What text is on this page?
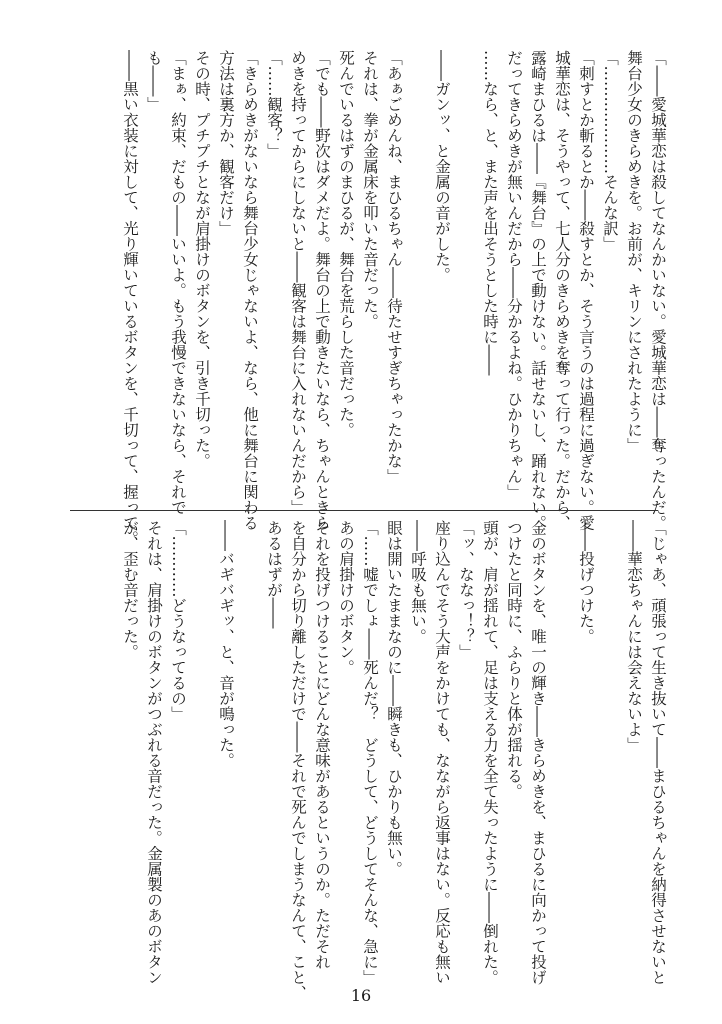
「――愛城華恋は殺してなんかいない。愛城華恋は――奪ったんだ。

舞台少女のきらめきを。お前が、キリンにされたように」

「…………………そんな訳」

「刺すとか斬るとか――殺すとか、そう言うのは過程に過ぎない。愛

城華恋は、そうやって、七人分のきらめきを奪って行った。だから、

露崎まひるは――『舞台』の上で動けない。話せないし、踊れない。

だってきらめきが無いんだから――分かるよね。ひかりちゃん」

……なら、と、また声を出そうとした時に――

――ガンッ、と金属の音がした。

「あぁごめんね、まひるちゃん――待たせすぎちゃったかな」

それは、拳が金属床を叩いた音だった。

死んでいるはずのまひるが、舞台を荒らした音だった。

「でも――野次はダメだよ。舞台の上で動きたいなら、ちゃんときら

めきを持ってからにしないと――観客は舞台に入れないんだから」

「……観客？」

「きらめきがないなら舞台少女じゃないよ、なら、他に舞台に関わる

方法は裏方か、観客だけ」

その時、プチプチとなが肩掛けのボタンを、引き千切った。

「まぁ、約束、だもの――いいよ。もう我慢できないなら、それで

も――」

――黒い衣装に対して、光り輝いているボタンを、千切って、握って。

「じゃあ、頑張って生き抜いて――まひるちゃんを納得させないと

――華恋ちゃんには会えないよ」

――投げつけた。

金のボタンを、唯一の輝き――きらめきを、まひるに向かって投げ

つけたと同時に、ふらりと体が揺れる。

頭が、肩が揺れて、足は支える力を全て失ったように――倒れた。

「ッ、ななっ！？」

座り込んでそう大声をかけても、なながら返事はない。反応も無い

――呼吸も無い。

眼は開いたままなのに――瞬きも、ひかりも無い。

「……嘘でしょ――死んだ？　どうして、どうしてそんな、急に」

あの肩掛けのボタン。

それを投げつけることにどんな意味があるというのか。ただそれ

を自分から切り離しただけで――それで死んでしまうなんて、こと、

あるはずが――

――バギバギッ、と、音が鳴った。

「…………どうなってるの」

それは、肩掛けのボタンがつぶれる音だった。金属製のあのボタン

が、歪む音だった。

16
